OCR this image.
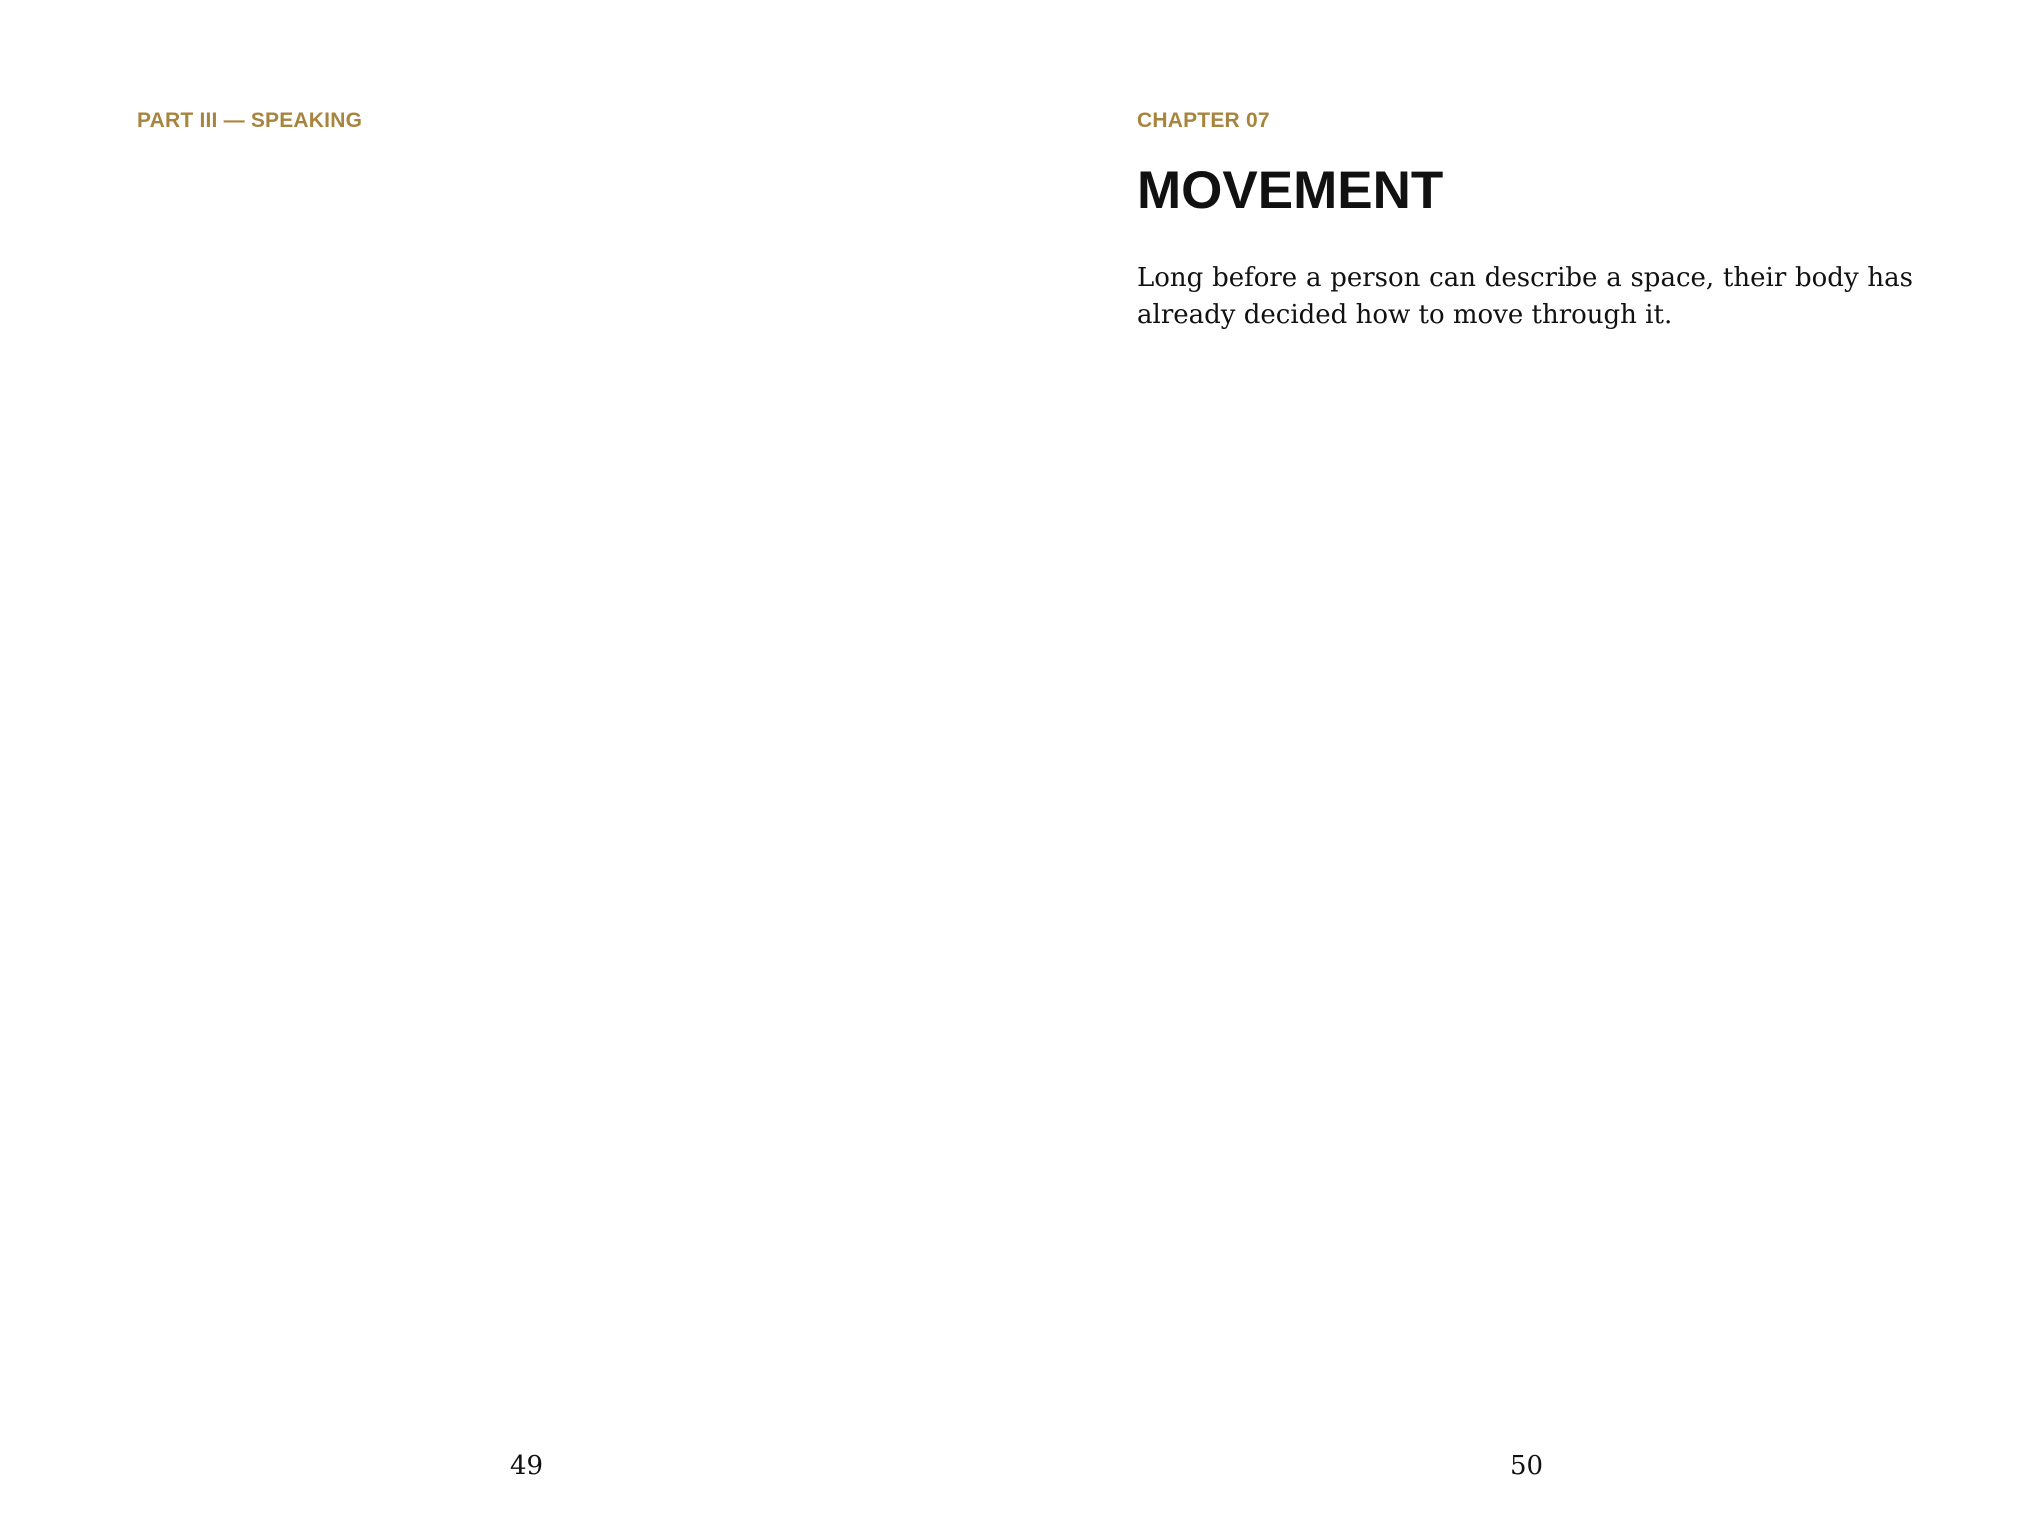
PART III — SPEAKING
49
CHAPTER 07
MOVEMENT

Long before a person can describe a space, their body has already decided how to move through it.

50
